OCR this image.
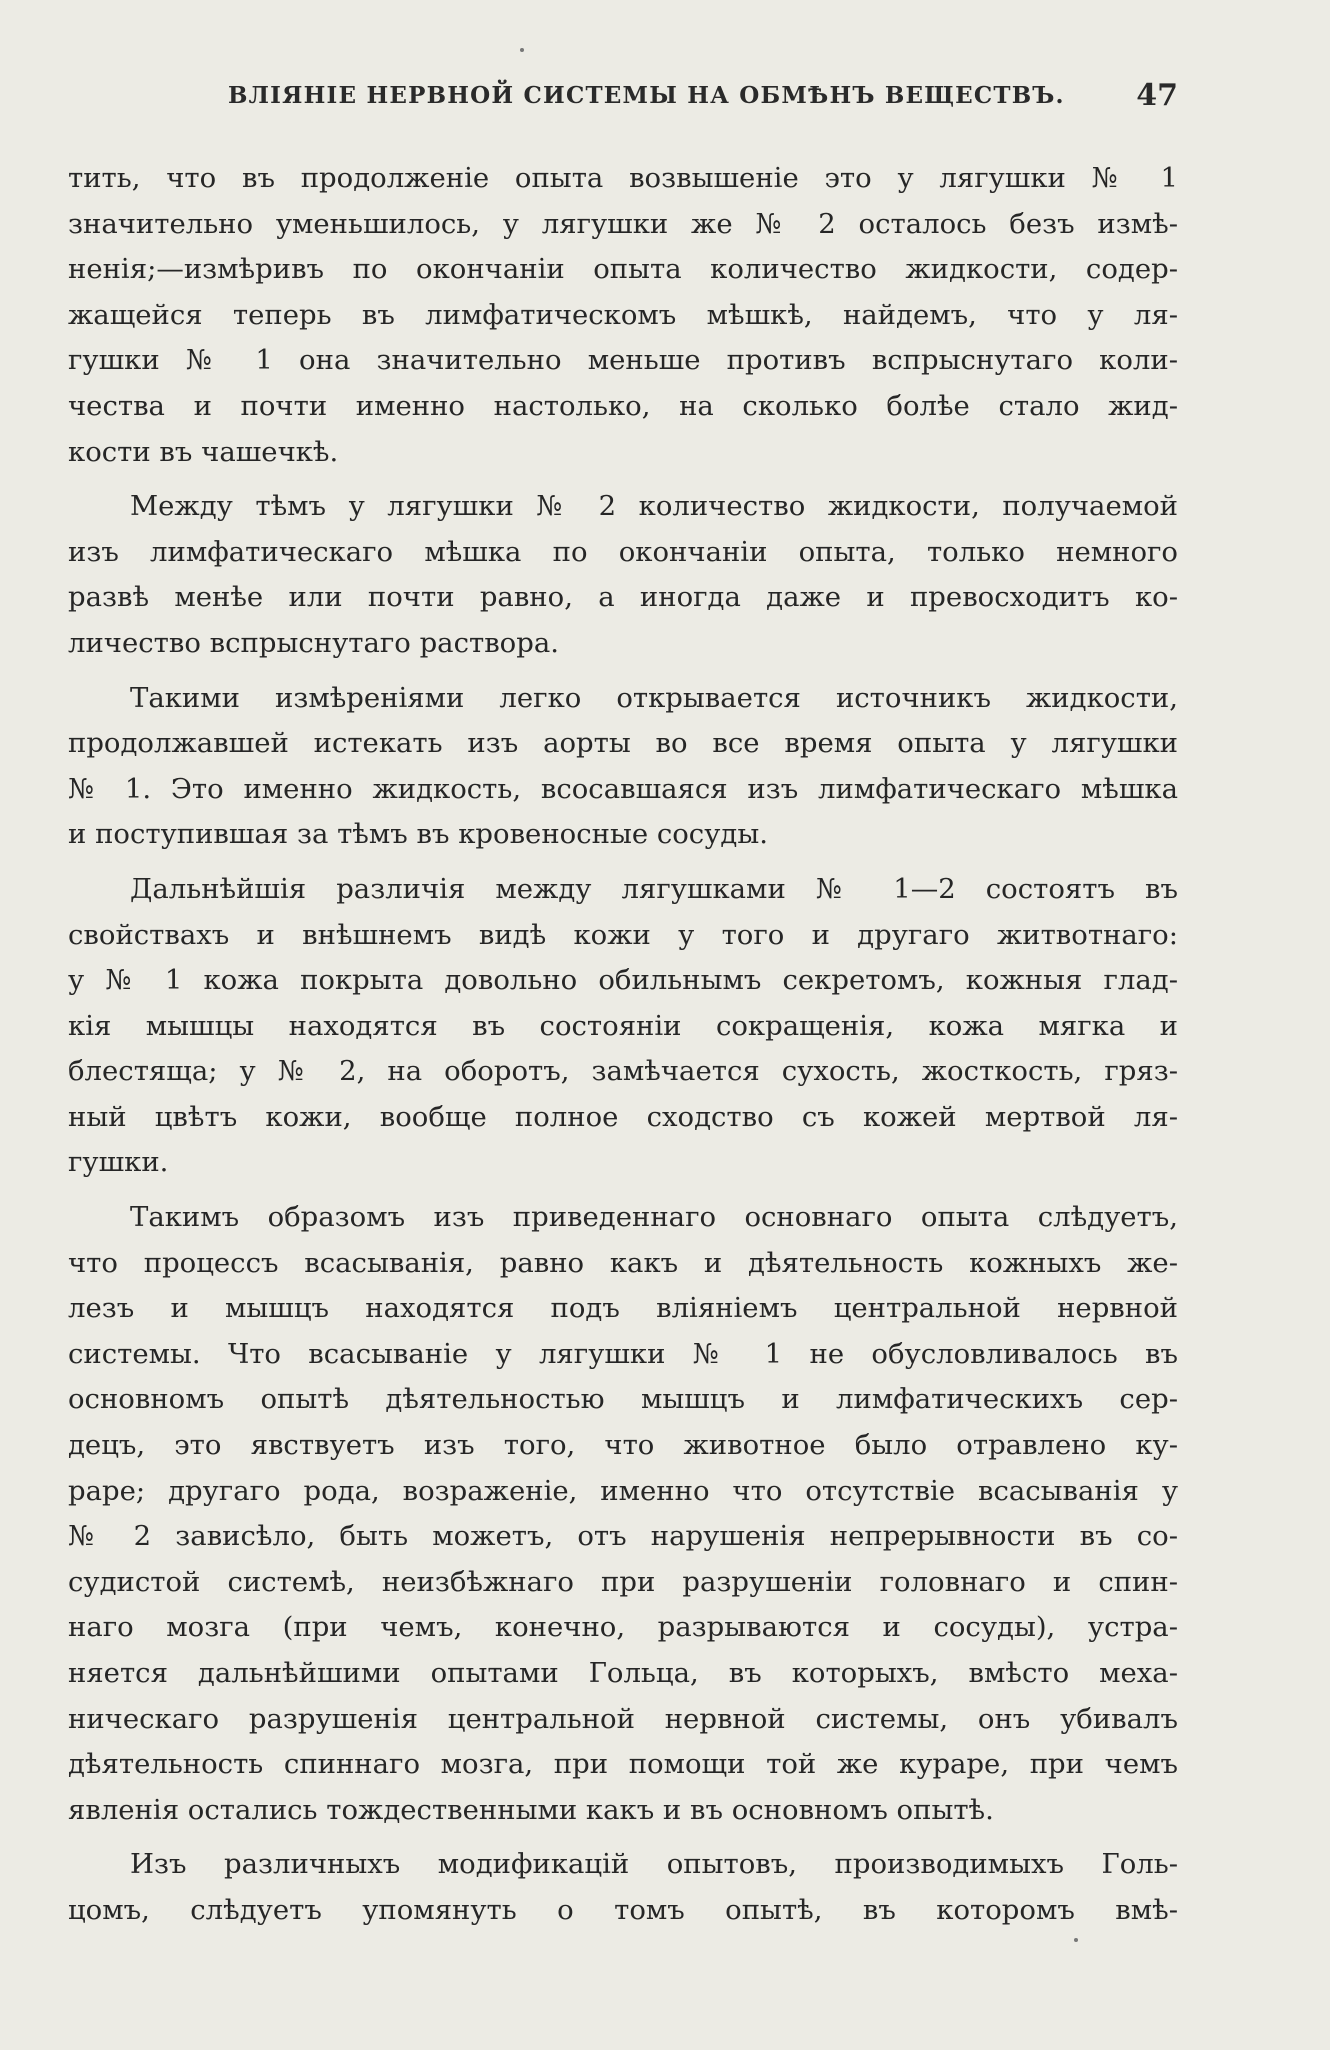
ВЛІЯНІЕ НЕРВНОЙ СИСТЕМЫ НА ОБМѢНЪ ВЕЩЕСТВЪ. 47
тить, что въ продолженіе опыта возвышеніе это у лягушки № 1
значительно уменьшилось, у лягушки же № 2 осталось безъ измѣ-
ненія;—измѣривъ по окончаніи опыта количество жидкости, содер-
жащейся теперь въ лимфатическомъ мѣшкѣ, найдемъ, что у ля-
гушки № 1 она значительно меньше противъ вспрыснутаго коли-
чества и почти именно настолько, на сколько болѣе стало жид-
кости въ чашечкѣ.
Между тѣмъ у лягушки № 2 количество жидкости, получаемой
изъ лимфатическаго мѣшка по окончаніи опыта, только немного
развѣ менѣе или почти равно, а иногда даже и превосходитъ ко-
личество вспрыснутаго раствора.
Такими измѣреніями легко открывается источникъ жидкости,
продолжавшей истекать изъ аорты во все время опыта у лягушки
№ 1. Это именно жидкость, всосавшаяся изъ лимфатическаго мѣшка
и поступившая за тѣмъ въ кровеносные сосуды.
Дальнѣйшія различія между лягушками № 1—2 состоятъ въ
свойствахъ и внѣшнемъ видѣ кожи у того и другаго житвотнаго:
у № 1 кожа покрыта довольно обильнымъ секретомъ, кожныя глад-
кія мышцы находятся въ состояніи сокращенія, кожа мягка и
блестяща; у № 2, на оборотъ, замѣчается сухость, жосткость, гряз-
ный цвѣтъ кожи, вообще полное сходство съ кожей мертвой ля-
гушки.
Такимъ образомъ изъ приведеннаго основнаго опыта слѣдуетъ,
что процессъ всасыванія, равно какъ и дѣятельность кожныхъ же-
лезъ и мышцъ находятся подъ вліяніемъ центральной нервной
системы. Что всасываніе у лягушки № 1 не обусловливалось въ
основномъ опытѣ дѣятельностью мышцъ и лимфатическихъ сер-
децъ, это явствуетъ изъ того, что животное было отравлено ку-
раре; другаго рода, возраженіе, именно что отсутствіе всасыванія у
№ 2 зависѣло, быть можетъ, отъ нарушенія непрерывности въ со-
судистой системѣ, неизбѣжнаго при разрушеніи головнаго и спин-
наго мозга (при чемъ, конечно, разрываются и сосуды), устра-
няется дальнѣйшими опытами Гольца, въ которыхъ, вмѣсто меха-
ническаго разрушенія центральной нервной системы, онъ убивалъ
дѣятельность спиннаго мозга, при помощи той же кураре, при чемъ
явленія остались тождественными какъ и въ основномъ опытѣ.
Изъ различныхъ модификацій опытовъ, производимыхъ Голь-
цомъ, слѣдуетъ упомянуть о томъ опытѣ, въ которомъ вмѣ-
